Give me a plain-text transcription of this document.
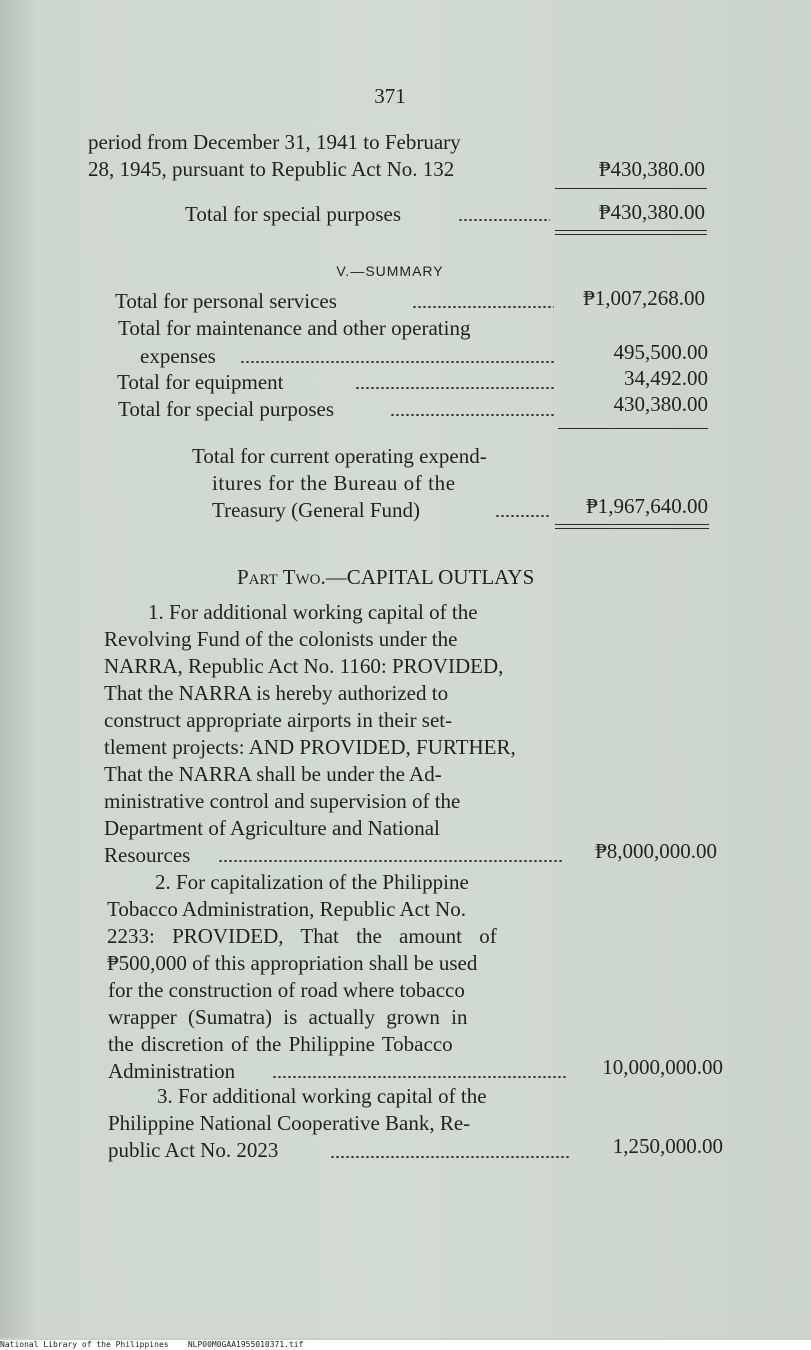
371
period from December 31, 1941 to February
28, 1945, pursuant to Republic Act No. 132	₱430,380.00
Total for special purposes	₱430,380.00
V.—SUMMARY
Total for personal services	₱1,007,268.00
Total for maintenance and other operating
expenses	495,500.00
Total for equipment	34,492.00
Total for special purposes	430,380.00
Total for current operating expend-
itures for the Bureau of the
Treasury (General Fund)	₱1,967,640.00
Part Two.—CAPITAL OUTLAYS
1. For additional working capital of the
Revolving Fund of the colonists under the
NARRA, Republic Act No. 1160: PROVIDED,
That the NARRA is hereby authorized to
construct appropriate airports in their set-
tlement projects: AND PROVIDED, FURTHER,
That the NARRA shall be under the Ad-
ministrative control and supervision of the
Department of Agriculture and National
Resources	₱8,000,000.00
2. For capitalization of the Philippine
Tobacco Administration, Republic Act No.
2233: PROVIDED, That the amount of
₱500,000 of this appropriation shall be used
for the construction of road where tobacco
wrapper (Sumatra) is actually grown in
the discretion of the Philippine Tobacco
Administration	10,000,000.00
3. For additional working capital of the
Philippine National Cooperative Bank, Re-
public Act No. 2023	1,250,000.00
National Library of the Philippines NLP00M0GAA1955010371.tif
